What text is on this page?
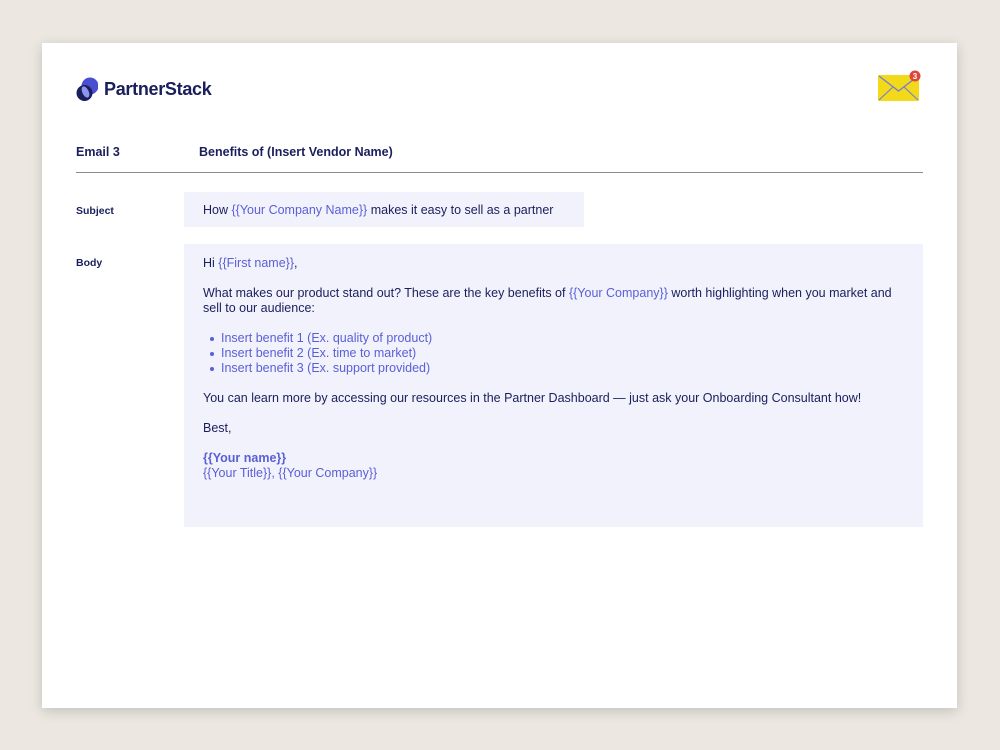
PartnerStack
3
Email 3	Benefits of (Insert Vendor Name)
Subject	How {{Your Company Name}} makes it easy to sell as a partner
Body	Hi {{First name}},

What makes our product stand out? These are the key benefits of {{Your Company}} worth highlighting when you market and sell to our audience:

Insert benefit 1 (Ex. quality of product)
Insert benefit 2 (Ex. time to market)
Insert benefit 3 (Ex. support provided)

You can learn more by accessing our resources in the Partner Dashboard — just ask your Onboarding Consultant how!

Best,

{{Your name}}

{{Your Title}}, {{Your Company}}
